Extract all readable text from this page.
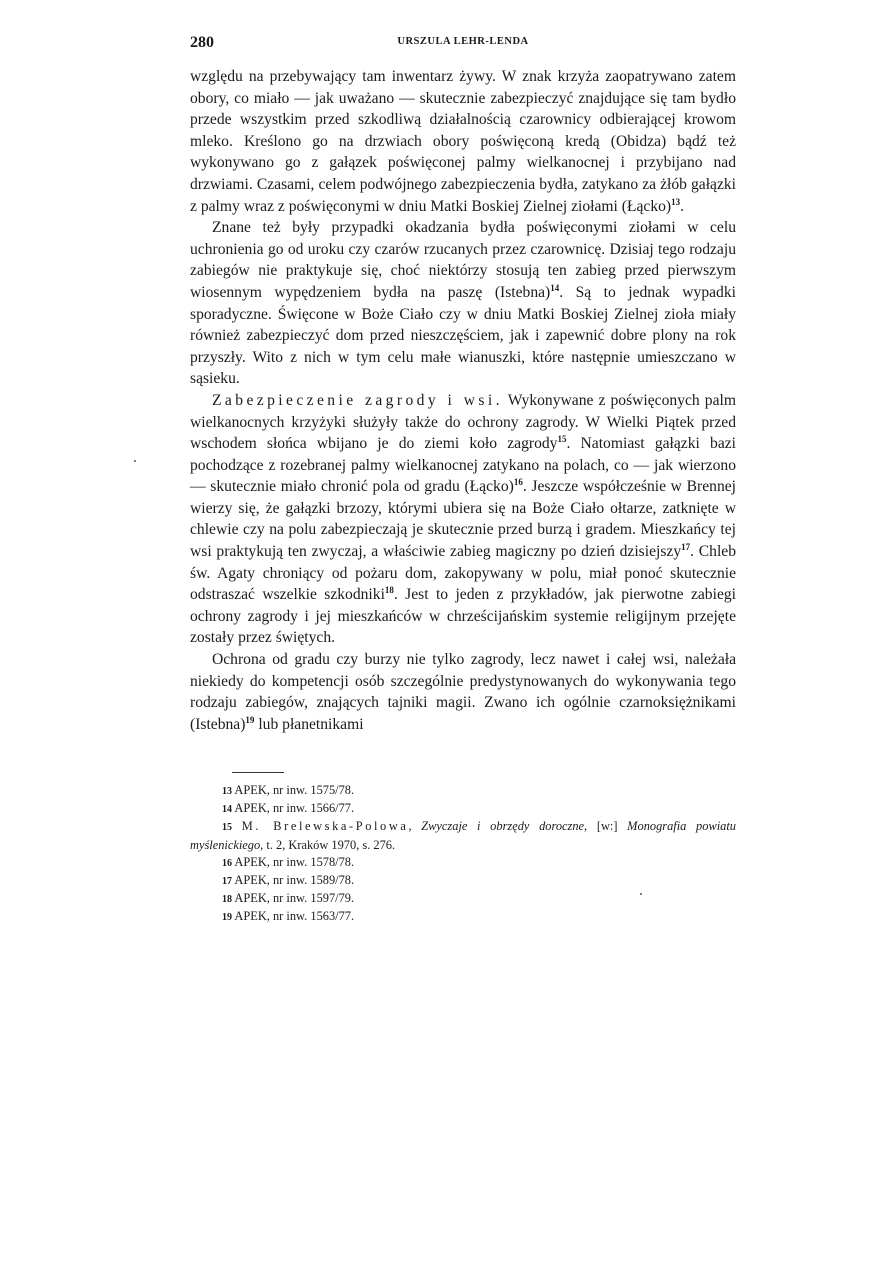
280	URSZULA LEHR-LENDA

względu na przebywający tam inwentarz żywy. W znak krzyża zaopatrywano zatem obory, co miało — jak uważano — skutecznie zabezpieczyć znajdujące się tam bydło przede wszystkim przed szkodliwą działalnością czarownicy odbierającej krowom mleko. Kreślono go na drzwiach obory poświęconą kredą (Obidza) bądź też wykonywano go z gałązek poświęconej palmy wielkanocnej i przybijano nad drzwiami. Czasami, celem podwójnego zabezpieczenia bydła, zatykano za żłób gałązki z palmy wraz z poświęconymi w dniu Matki Boskiej Zielnej ziołami (Łącko)$^{13}$.

Znane też były przypadki okadzania bydła poświęconymi ziołami w celu uchronienia go od uroku czy czarów rzucanych przez czarownicę. Dzisiaj tego rodzaju zabiegów nie praktykuje się, choć niektórzy stosują ten zabieg przed pierwszym wiosennym wypędzeniem bydła na paszę (Istebna)$^{14}$. Są to jednak wypadki sporadyczne. Święcone w Boże Ciało czy w dniu Matki Boskiej Zielnej zioła miały również zabezpieczyć dom przed nieszczęściem, jak i zapewnić dobre plony na rok przyszły. Wito z nich w tym celu małe wianuszki, które następnie umieszczano w sąsieku.

Zabezpieczenie zagrody i wsi. Wykonywane z poświęconych palm wielkanocnych krzyżyki służyły także do ochrony zagrody. W Wielki Piątek przed wschodem słońca wbijano je do ziemi koło zagrody$^{15}$. Natomiast gałązki bazi pochodzące z rozebranej palmy wielkanocnej zatykano na polach, co — jak wierzono — skutecznie miało chronić pola od gradu (Łącko)$^{16}$. Jeszcze współcześnie w Brennej wierzy się, że gałązki brzozy, którymi ubiera się na Boże Ciało ołtarze, zatknięte w chlewie czy na polu zabezpieczają je skutecznie przed burzą i gradem. Mieszkańcy tej wsi praktykują ten zwyczaj, a właściwie zabieg magiczny po dzień dzisiejszy$^{17}$. Chleb św. Agaty chroniący od pożaru dom, zakopywany w polu, miał ponoć skutecznie odstraszać wszelkie szkodniki$^{18}$. Jest to jeden z przykładów, jak pierwotne zabiegi ochrony zagrody i jej mieszkańców w chrześcijańskim systemie religijnym przejęte zostały przez świętych.

Ochrona od gradu czy burzy nie tylko zagrody, lecz nawet i całej wsi, należała niekiedy do kompetencji osób szczególnie predystynowanych do wykonywania tego rodzaju zabiegów, znających tajniki magii. Zwano ich ogólnie czarnoksiężnikami (Istebna)$^{19}$ lub płanetnikami

13 APEK, nr inw. 1575/78.

14 APEK, nr inw. 1566/77.

15 M. Brelewska-Polowa, Zwyczaje i obrzędy doroczne, [w:] Monografia powiatu myślenickiego, t. 2, Kraków 1970, s. 276.

16 APEK, nr inw. 1578/78.

17 APEK, nr inw. 1589/78.

18 APEK, nr inw. 1597/79.

19 APEK, nr inw. 1563/77.
